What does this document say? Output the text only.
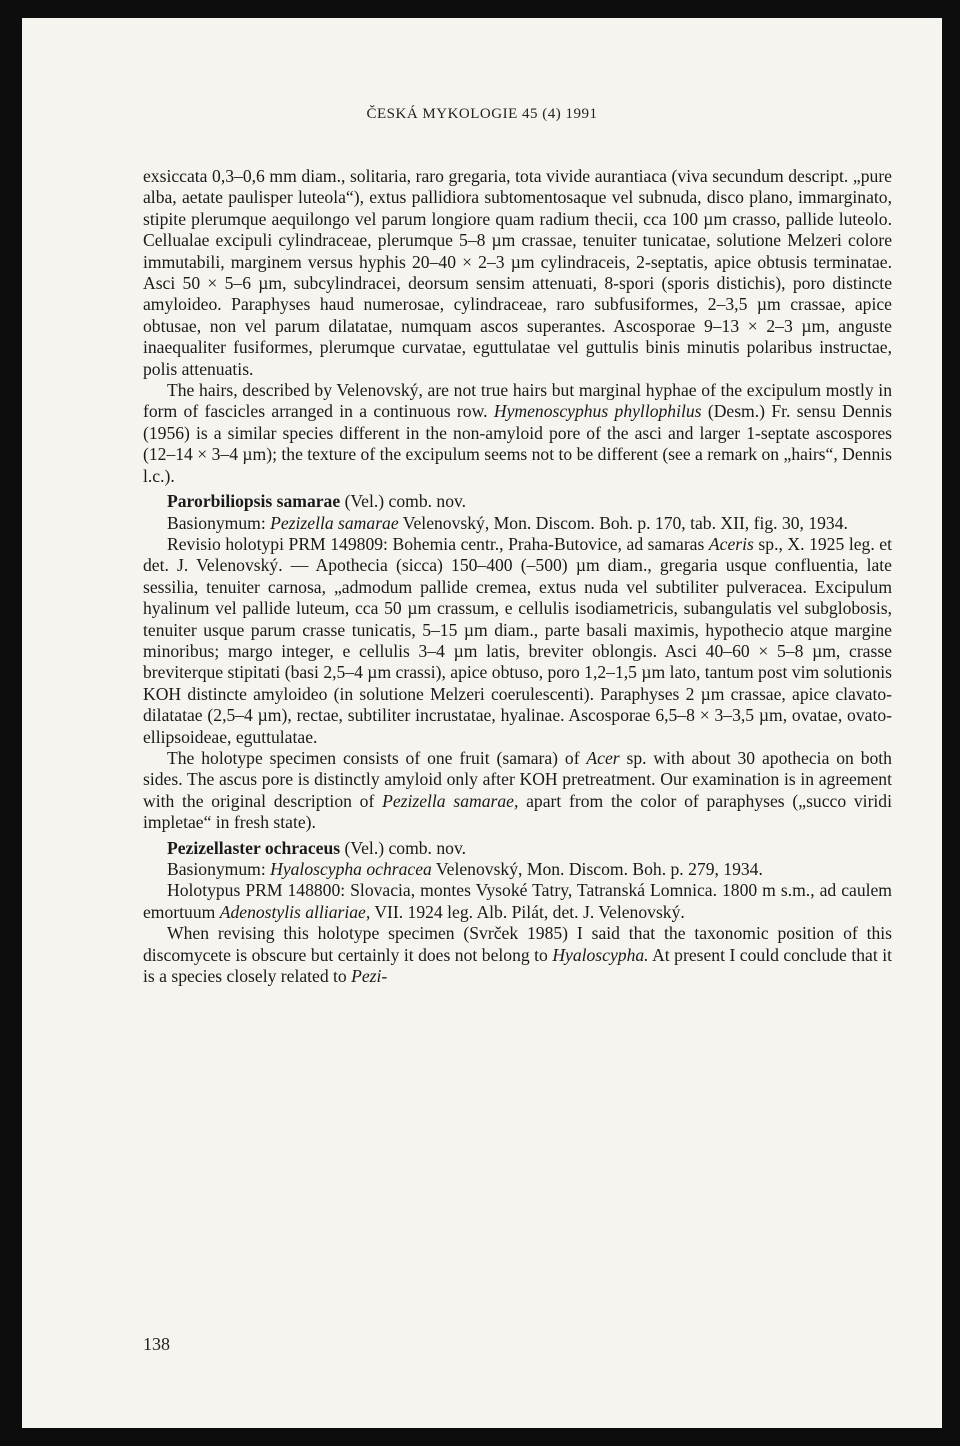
ČESKÁ MYKOLOGIE 45 (4) 1991

exsiccata 0,3–0,6 mm diam., solitaria, raro gregaria, tota vivide aurantiaca (viva secundum descript. „pure alba, aetate paulisper luteola“), extus pallidiora subtomentosaque vel subnuda, disco plano, immarginato, stipite plerumque aequilongo vel parum longiore quam radium thecii, cca 100 µm crasso, pallide luteolo. Cellualae excipuli cylindraceae, plerumque 5–8 µm crassae, tenuiter tunicatae, solutione Melzeri colore immutabili, marginem versus hyphis 20–40 × 2–3 µm cylindraceis, 2-septatis, apice obtusis terminatae. Asci 50 × 5–6 µm, subcylindracei, deorsum sensim attenuati, 8-spori (sporis distichis), poro distincte amyloideo. Paraphyses haud numerosae, cylindraceae, raro subfusiformes, 2–3,5 µm crassae, apice obtusae, non vel parum dilatatae, numquam ascos superantes. Ascosporae 9–13 × 2–3 µm, anguste inaequaliter fusiformes, plerumque curvatae, eguttulatae vel guttulis binis minutis polaribus instructae, polis attenuatis.

The hairs, described by Velenovský, are not true hairs but marginal hyphae of the excipulum mostly in form of fascicles arranged in a continuous row. Hymenoscyphus phyllophilus (Desm.) Fr. sensu Dennis (1956) is a similar species different in the non-amyloid pore of the asci and larger 1-septate ascospores (12–14 × 3–4 µm); the texture of the excipulum seems not to be different (see a remark on „hairs“, Dennis l.c.).

Parorbiliopsis samarae (Vel.) comb. nov.

Basionymum: Pezizella samarae Velenovský, Mon. Discom. Boh. p. 170, tab. XII, fig. 30, 1934.

Revisio holotypi PRM 149809: Bohemia centr., Praha-Butovice, ad samaras Aceris sp., X. 1925 leg. et det. J. Velenovský. — Apothecia (sicca) 150–400 (–500) µm diam., gregaria usque confluentia, late sessilia, tenuiter carnosa, „admodum pallide cremea, extus nuda vel subtiliter pulveracea. Excipulum hyalinum vel pallide luteum, cca 50 µm crassum, e cellulis isodiametricis, subangulatis vel subglobosis, tenuiter usque parum crasse tunicatis, 5–15 µm diam., parte basali maximis, hypothecio atque margine minoribus; margo integer, e cellulis 3–4 µm latis, breviter oblongis. Asci 40–60 × 5–8 µm, crasse breviterque stipitati (basi 2,5–4 µm crassi), apice obtuso, poro 1,2–1,5 µm lato, tantum post vim solutionis KOH distincte amyloideo (in solutione Melzeri coerulescenti). Paraphyses 2 µm crassae, apice clavato-dilatatae (2,5–4 µm), rectae, subtiliter incrustatae, hyalinae. Ascosporae 6,5–8 × 3–3,5 µm, ovatae, ovato-ellipsoideae, eguttulatae.

The holotype specimen consists of one fruit (samara) of Acer sp. with about 30 apothecia on both sides. The ascus pore is distinctly amyloid only after KOH pretreatment. Our examination is in agreement with the original description of Pezizella samarae, apart from the color of paraphyses („succo viridi impletae“ in fresh state).

Pezizellaster ochraceus (Vel.) comb. nov.

Basionymum: Hyaloscypha ochracea Velenovský, Mon. Discom. Boh. p. 279, 1934.

Holotypus PRM 148800: Slovacia, montes Vysoké Tatry, Tatranská Lomnica. 1800 m s.m., ad caulem emortuum Adenostylis alliariae, VII. 1924 leg. Alb. Pilát, det. J. Velenovský.

When revising this holotype specimen (Svrček 1985) I said that the taxonomic position of this discomycete is obscure but certainly it does not belong to Hyaloscypha. At present I could conclude that it is a species closely related to Pezi-

138
